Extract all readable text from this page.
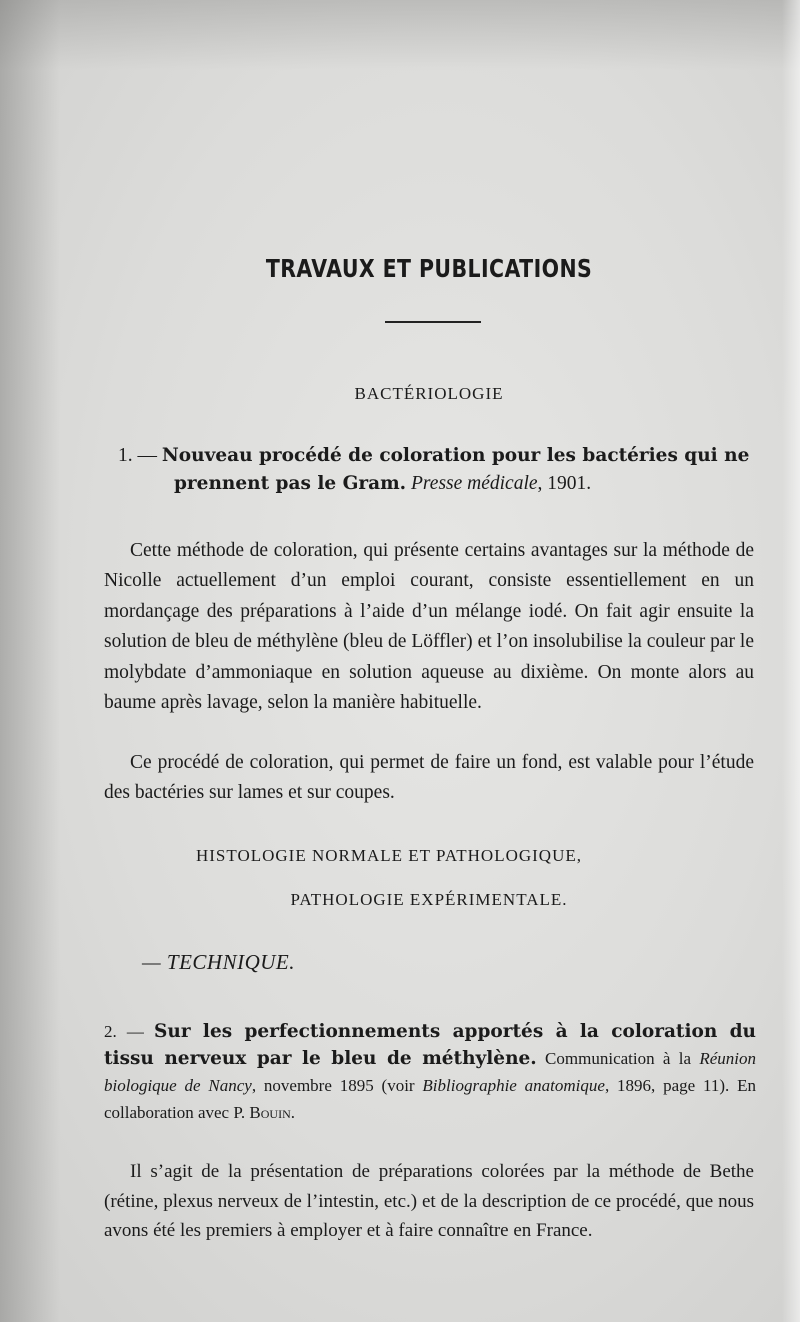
TRAVAUX ET PUBLICATIONS
BACTÉRIOLOGIE
1. — Nouveau procédé de coloration pour les bactéries qui ne prennent pas le Gram. Presse médicale, 1901.

Cette méthode de coloration, qui présente certains avantages sur la méthode de Nicolle actuellement d’un emploi courant, consiste essentiellement en un mordançage des préparations à l’aide d’un mélange iodé. On fait agir ensuite la solution de bleu de méthylène (bleu de Löffler) et l’on insolubilise la couleur par le molybdate d’ammoniaque en solution aqueuse au dixième. On monte alors au baume après lavage, selon la manière habituelle.

Ce procédé de coloration, qui permet de faire un fond, est valable pour l’étude des bactéries sur lames et sur coupes.

HISTOLOGIE NORMALE ET PATHOLOGIQUE,
PATHOLOGIE EXPÉRIMENTALE.
— TECHNIQUE.
2. — Sur les perfectionnements apportés à la coloration du tissu nerveux par le bleu de méthylène. Communication à la Réunion biologique de Nancy, novembre 1895 (voir Bibliographie anatomique, 1896, page 11). En collaboration avec P. Bouin.

Il s’agit de la présentation de préparations colorées par la méthode de Bethe (rétine, plexus nerveux de l’intestin, etc.) et de la description de ce procédé, que nous avons été les premiers à employer et à faire connaître en France.
